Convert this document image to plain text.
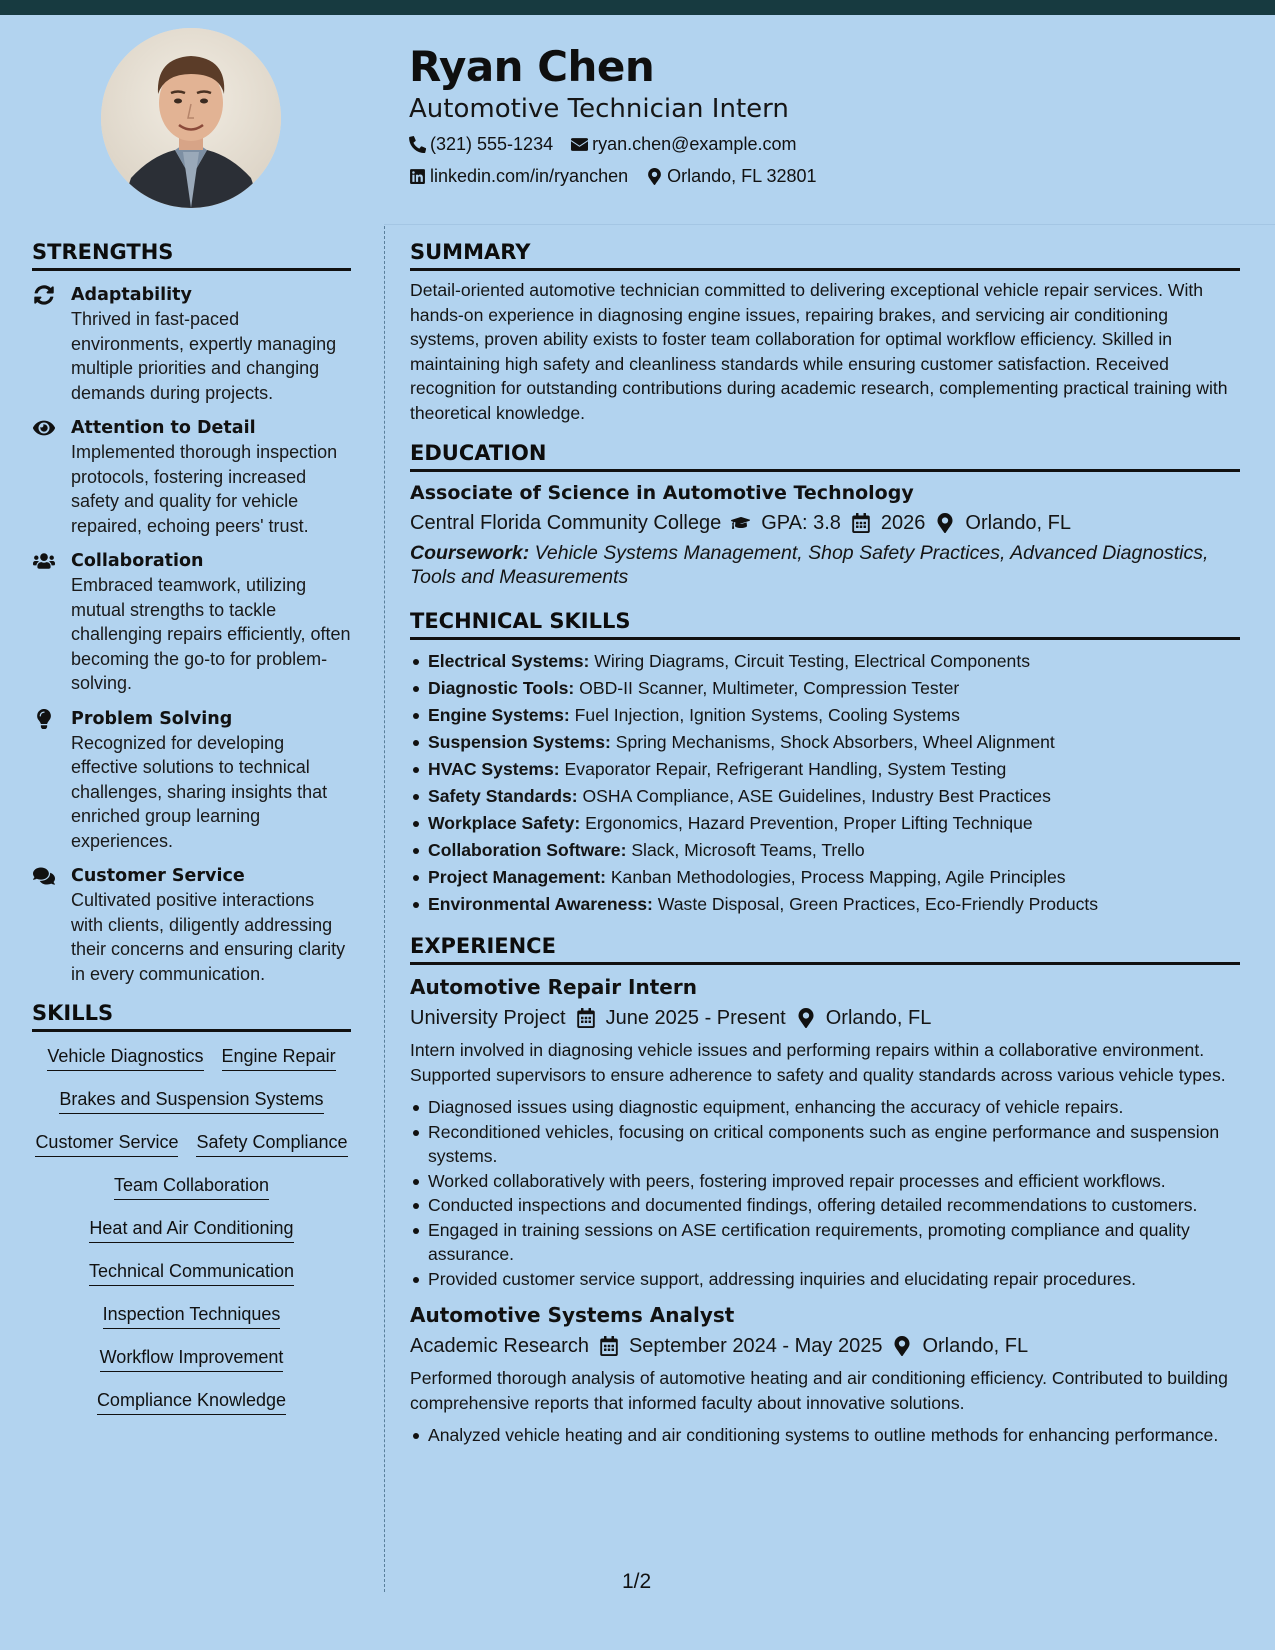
Ryan Chen
Automotive Technician Intern
(321) 555-1234 ryan.chen@example.com
linkedin.com/in/ryanchen Orlando, FL 32801
STRENGTHS
Adaptability
Thrived in fast-paced environments, expertly managing multiple priorities and changing demands during projects.
Attention to Detail
Implemented thorough inspection protocols, fostering increased safety and quality for vehicle repaired, echoing peers' trust.
Collaboration
Embraced teamwork, utilizing mutual strengths to tackle challenging repairs efficiently, often becoming the go-to for problem-solving.
Problem Solving
Recognized for developing effective solutions to technical challenges, sharing insights that enriched group learning experiences.
Customer Service
Cultivated positive interactions with clients, diligently addressing their concerns and ensuring clarity in every communication.
SKILLS
Vehicle Diagnostics Engine Repair
Brakes and Suspension Systems
Customer Service Safety Compliance
Team Collaboration
Heat and Air Conditioning
Technical Communication
Inspection Techniques
Workflow Improvement
Compliance Knowledge
SUMMARY
Detail-oriented automotive technician committed to delivering exceptional vehicle repair services. With hands-on experience in diagnosing engine issues, repairing brakes, and servicing air conditioning systems, proven ability exists to foster team collaboration for optimal workflow efficiency. Skilled in maintaining high safety and cleanliness standards while ensuring customer satisfaction. Received recognition for outstanding contributions during academic research, complementing practical training with theoretical knowledge.
EDUCATION
Associate of Science in Automotive Technology
Central Florida Community College GPA: 3.8 2026 Orlando, FL
Coursework: Vehicle Systems Management, Shop Safety Practices, Advanced Diagnostics, Tools and Measurements
TECHNICAL SKILLS
Electrical Systems: Wiring Diagrams, Circuit Testing, Electrical Components
Diagnostic Tools: OBD-II Scanner, Multimeter, Compression Tester
Engine Systems: Fuel Injection, Ignition Systems, Cooling Systems
Suspension Systems: Spring Mechanisms, Shock Absorbers, Wheel Alignment
HVAC Systems: Evaporator Repair, Refrigerant Handling, System Testing
Safety Standards: OSHA Compliance, ASE Guidelines, Industry Best Practices
Workplace Safety: Ergonomics, Hazard Prevention, Proper Lifting Technique
Collaboration Software: Slack, Microsoft Teams, Trello
Project Management: Kanban Methodologies, Process Mapping, Agile Principles
Environmental Awareness: Waste Disposal, Green Practices, Eco-Friendly Products
EXPERIENCE
Automotive Repair Intern
University Project June 2025 - Present Orlando, FL
Intern involved in diagnosing vehicle issues and performing repairs within a collaborative environment. Supported supervisors to ensure adherence to safety and quality standards across various vehicle types.
Diagnosed issues using diagnostic equipment, enhancing the accuracy of vehicle repairs.
Reconditioned vehicles, focusing on critical components such as engine performance and suspension systems.
Worked collaboratively with peers, fostering improved repair processes and efficient workflows.
Conducted inspections and documented findings, offering detailed recommendations to customers.
Engaged in training sessions on ASE certification requirements, promoting compliance and quality assurance.
Provided customer service support, addressing inquiries and elucidating repair procedures.
Automotive Systems Analyst
Academic Research September 2024 - May 2025 Orlando, FL
Performed thorough analysis of automotive heating and air conditioning efficiency. Contributed to building comprehensive reports that informed faculty about innovative solutions.
Analyzed vehicle heating and air conditioning systems to outline methods for enhancing performance.
1/2
